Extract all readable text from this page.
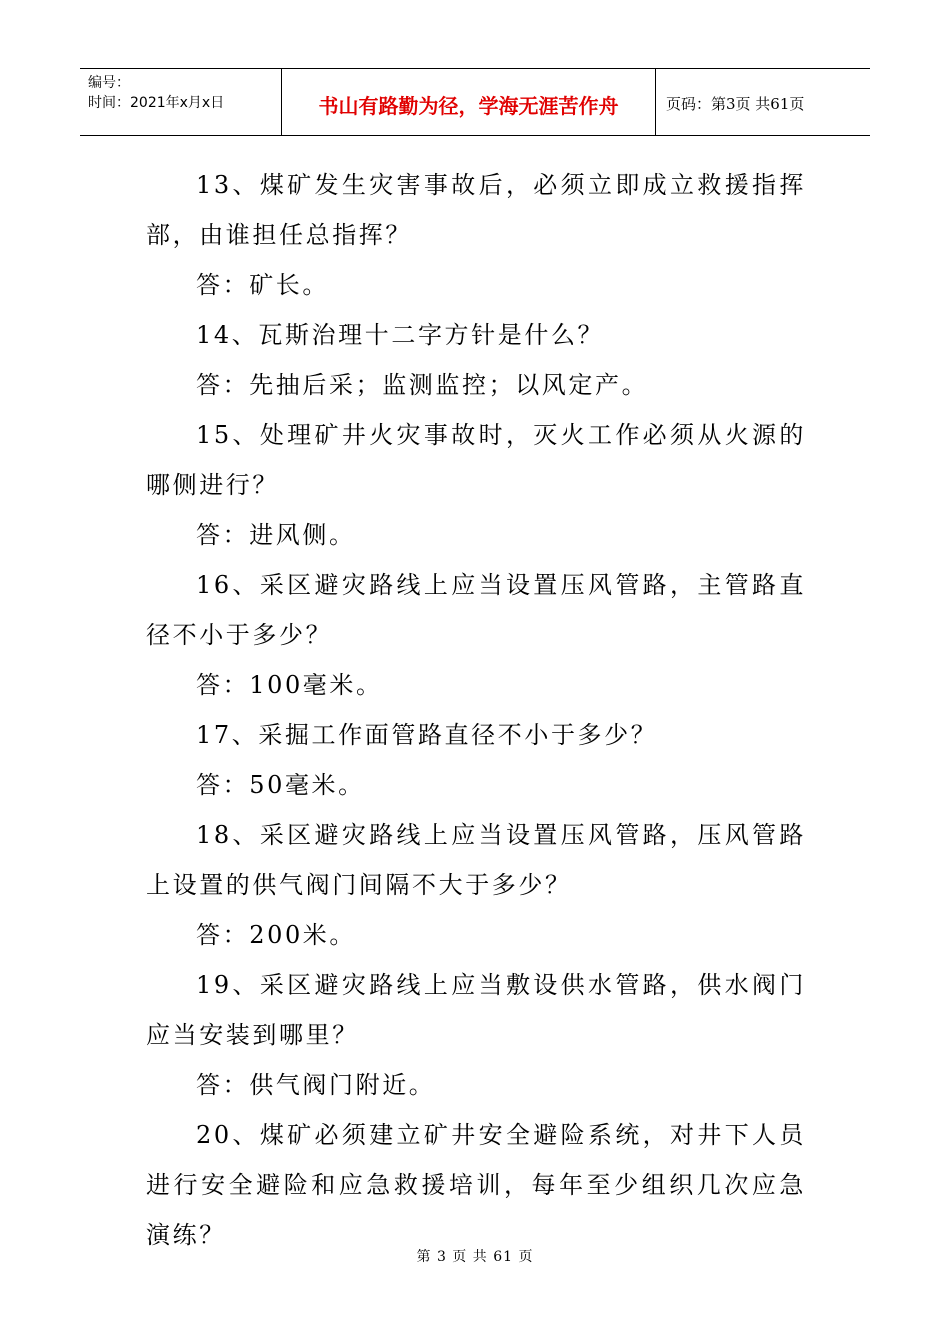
编号：
时间：2021年x月x日	书山有路勤为径，学海无涯苦作舟	页码：第3页 共61页

13、煤矿发生灾害事故后，必须立即成立救援指挥部，由谁担任总指挥？

答：矿长。

14、瓦斯治理十二字方针是什么？

答：先抽后采；监测监控；以风定产。

15、处理矿井火灾事故时，灭火工作必须从火源的哪侧进行？

答：进风侧。

16、采区避灾路线上应当设置压风管路，主管路直径不小于多少？

答：100毫米。

17、采掘工作面管路直径不小于多少？

答：50毫米。

18、采区避灾路线上应当设置压风管路，压风管路上设置的供气阀门间隔不大于多少？

答：200米。

19、采区避灾路线上应当敷设供水管路，供水阀门应当安装到哪里？

答：供气阀门附近。

20、煤矿必须建立矿井安全避险系统，对井下人员进行安全避险和应急救援培训，每年至少组织几次应急演练？

第 3 页 共 61 页
